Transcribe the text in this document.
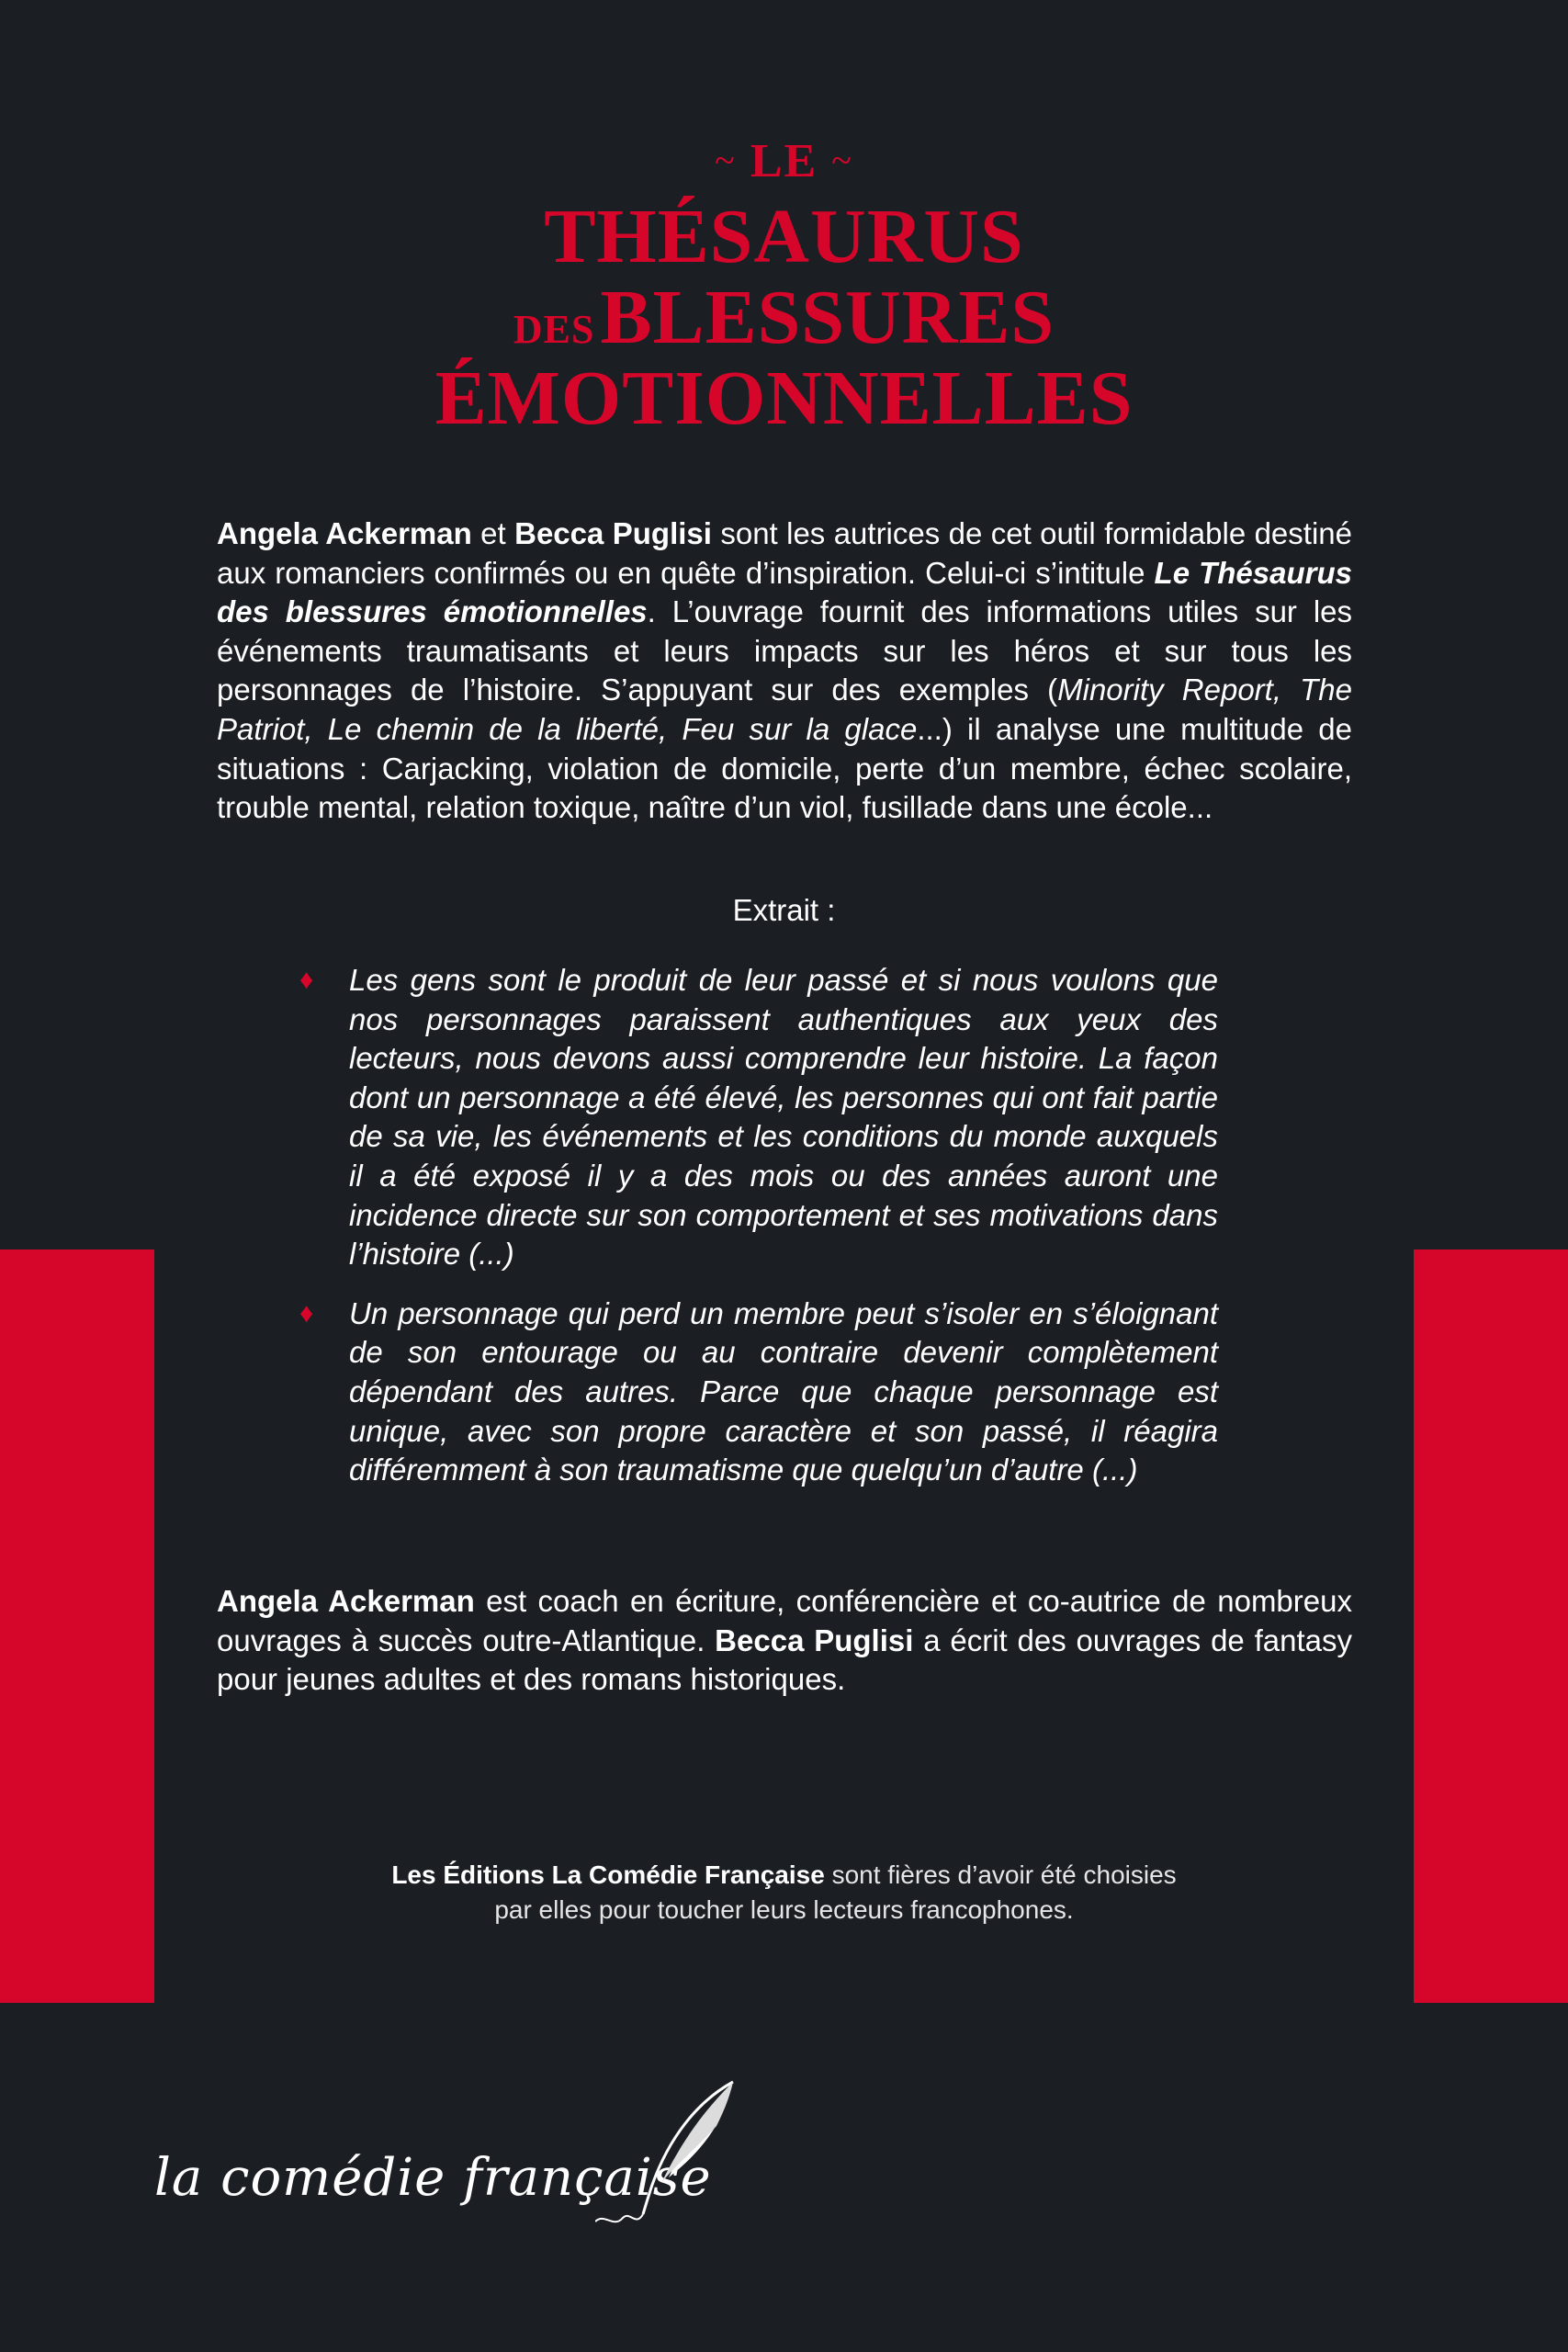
~ LE ~
THÉSAURUS
DESBLESSURES
ÉMOTIONNELLES

Angela Ackerman et Becca Puglisi sont les autrices de cet outil formidable destiné aux romanciers confirmés ou en quête d’inspiration. Celui-ci s’intitule Le Thésaurus des blessures émotionnelles. L’ouvrage fournit des informations utiles sur les événements traumatisants et leurs impacts sur les héros et sur tous les personnages de l’histoire. S’appuyant sur des exemples (Minority Report, The Patriot, Le chemin de la liberté, Feu sur la glace...) il analyse une multitude de situations : Carjacking, violation de domicile, perte d’un membre, échec scolaire, trouble mental, relation toxique, naître d’un viol, fusillade dans une école...

Extrait :
♦ Les gens sont le produit de leur passé et si nous voulons que nos personnages paraissent authentiques aux yeux des lecteurs, nous devons aussi comprendre leur histoire. La façon dont un personnage a été élevé, les personnes qui ont fait partie de sa vie, les événements et les conditions du monde auxquels il a été exposé il y a des mois ou des années auront une incidence directe sur son comportement et ses motivations dans l’histoire (...)
♦ Un personnage qui perd un membre peut s’isoler en s’éloignant de son entourage ou au contraire devenir complètement dépendant des autres. Parce que chaque personnage est unique, avec son propre caractère et son passé, il réagira différemment à son traumatisme que quelqu’un d’autre (...)

Angela Ackerman est coach en écriture, conférencière et co-autrice de nombreux ouvrages à succès outre-Atlantique. Becca Puglisi a écrit des ouvrages de fantasy pour jeunes adultes et des romans historiques.

Les Éditions La Comédie Française sont fières d’avoir été choisies
par elles pour toucher leurs lecteurs francophones.
la comédie française
